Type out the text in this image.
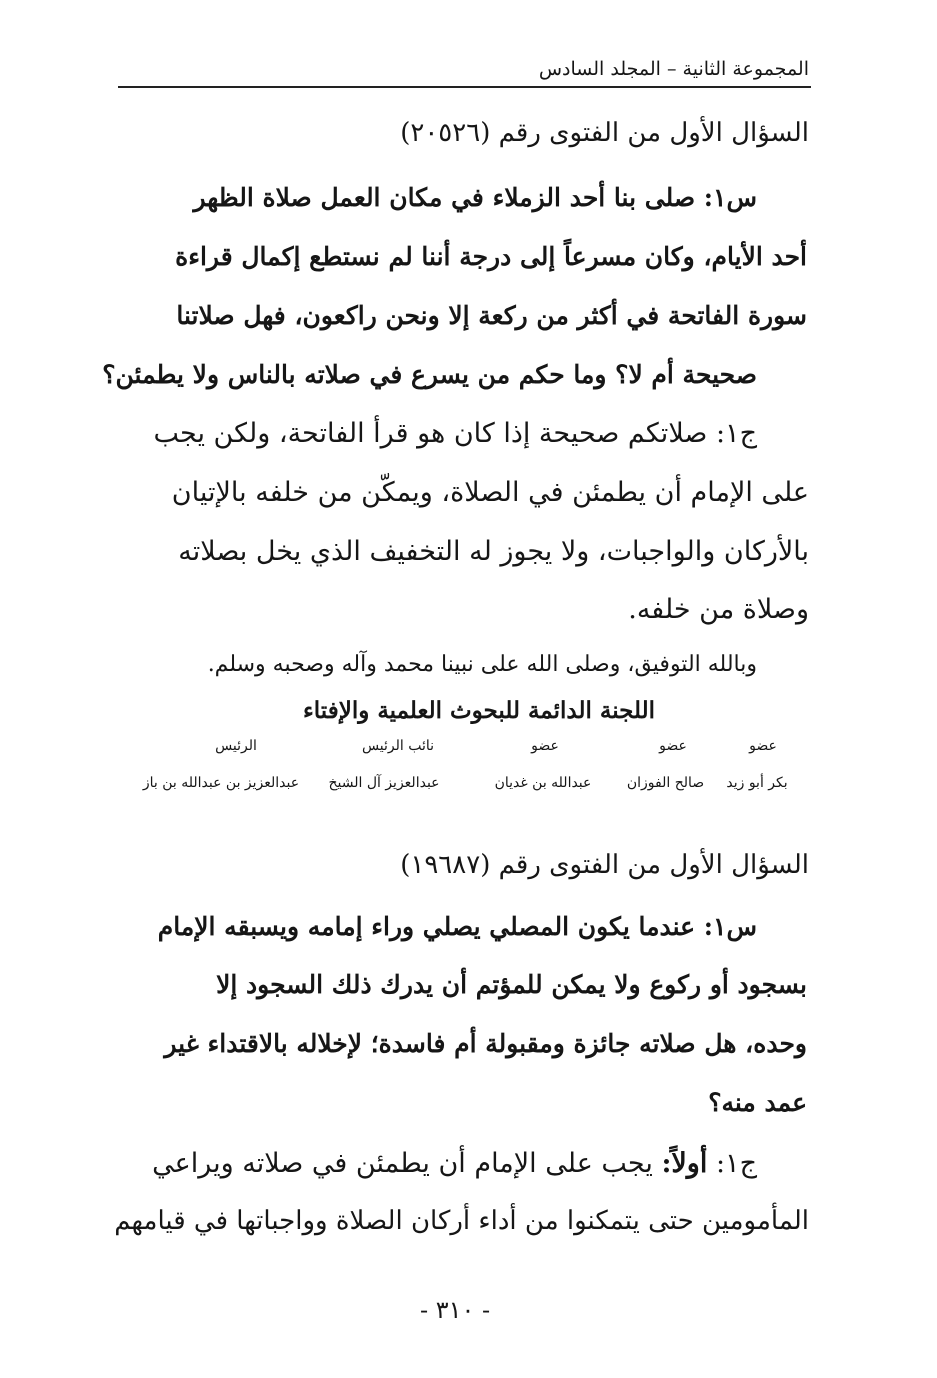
المجموعة الثانية – المجلد السادس
السؤال الأول من الفتوى رقم (٢٠٥٢٦)
س١: صلى بنا أحد الزملاء في مكان العمل صلاة الظهر
أحد الأيام، وكان مسرعاً إلى درجة أننا لم نستطع إكمال قراءة
سورة الفاتحة في أكثر من ركعة إلا ونحن راكعون، فهل صلاتنا
صحيحة أم لا؟ وما حكم من يسرع في صلاته بالناس ولا يطمئن؟
ج١: صلاتكم صحيحة إذا كان هو قرأ الفاتحة، ولكن يجب
على الإمام أن يطمئن في الصلاة، ويمكّن من خلفه بالإتيان
بالأركان والواجبات، ولا يجوز له التخفيف الذي يخل بصلاته
وصلاة من خلفه.
وبالله التوفيق، وصلى الله على نبينا محمد وآله وصحبه وسلم.
اللجنة الدائمة للبحوث العلمية والإفتاء
عضو
عضو
عضو
نائب الرئيس
الرئيس
بكر أبو زيد
صالح الفوزان
عبدالله بن غديان
عبدالعزيز آل الشيخ
عبدالعزيز بن عبدالله بن باز
السؤال الأول من الفتوى رقم (١٩٦٨٧)
س١: عندما يكون المصلي يصلي وراء إمامه ويسبقه الإمام
بسجود أو ركوع ولا يمكن للمؤتم أن يدرك ذلك السجود إلا
وحده، هل صلاته جائزة ومقبولة أم فاسدة؛ لإخلاله بالاقتداء غير
عمد منه؟
ج١: أولاً: يجب على الإمام أن يطمئن في صلاته ويراعي
المأمومين حتى يتمكنوا من أداء أركان الصلاة وواجباتها في قيامهم
- ٣١٠ -
